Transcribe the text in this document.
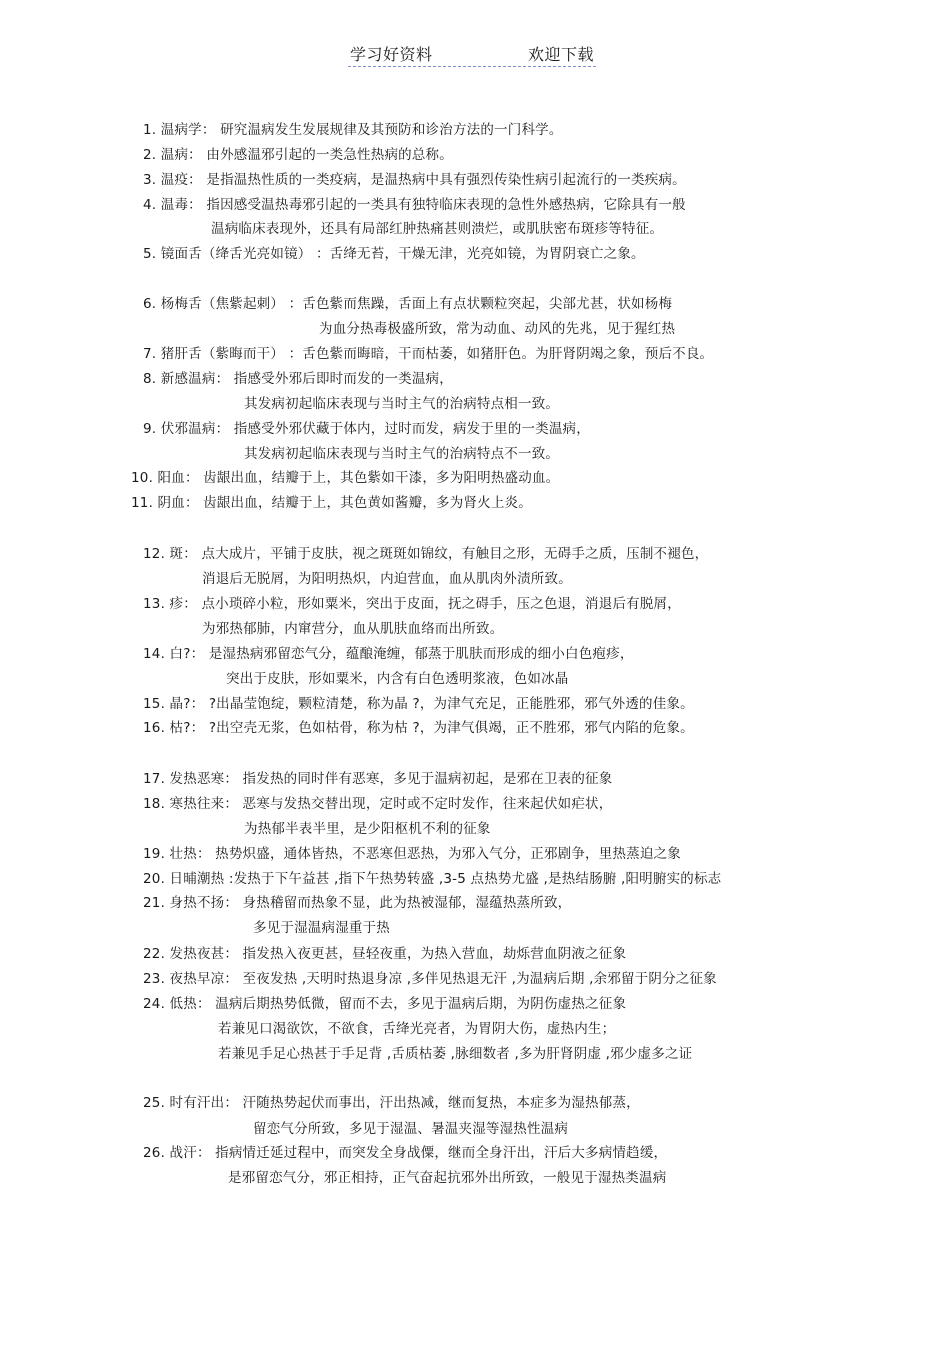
学习好资料	欢迎下载
1. 温病学： 研究温病发生发展规律及其预防和诊治方法的一门科学。
2. 温病： 由外感温邪引起的一类急性热病的总称。
3. 温疫： 是指温热性质的一类疫病，是温热病中具有强烈传染性病引起流行的一类疾病。
4. 温毒： 指因感受温热毒邪引起的一类具有独特临床表现的急性外感热病，它除具有一般
温病临床表现外，还具有局部红肿热痛甚则溃烂，或肌肤密布斑疹等特征。
5. 镜面舌（绛舌光亮如镜） ：舌绛无苔，干燥无津，光亮如镜，为胃阴衰亡之象。
6. 杨梅舌（焦紫起刺） ：舌色紫而焦躁，舌面上有点状颗粒突起，尖部尤甚，状如杨梅
为血分热毒极盛所致，常为动血、动风的先兆，见于猩红热
7. 猪肝舌（紫晦而干） ：舌色紫而晦暗，干而枯萎，如猪肝色。为肝肾阴竭之象，预后不良。
8. 新感温病： 指感受外邪后即时而发的一类温病，
其发病初起临床表现与当时主气的治病特点相一致。
9. 伏邪温病： 指感受外邪伏藏于体内，过时而发，病发于里的一类温病，
其发病初起临床表现与当时主气的治病特点不一致。
10. 阳血： 齿龈出血，结瓣于上，其色紫如干漆，多为阳明热盛动血。
11. 阴血： 齿龈出血，结瓣于上，其色黄如酱瓣，多为肾火上炎。
12. 斑： 点大成片，平铺于皮肤，视之斑斑如锦纹，有触目之形，无碍手之质，压制不褪色，
消退后无脱屑，为阳明热炽，内迫营血，血从肌肉外渍所致。
13. 疹： 点小琐碎小粒，形如粟米，突出于皮面，抚之碍手，压之色退，消退后有脱屑，
为邪热郁肺，内窜营分，血从肌肤血络而出所致。
14. 白?： 是湿热病邪留恋气分，蕴酿淹缠，郁蒸于肌肤而形成的细小白色疱疹，
突出于皮肤，形如粟米，内含有白色透明浆液，色如冰晶
15. 晶?： ?出晶莹饱绽，颗粒清楚，称为晶 ?，为津气充足，正能胜邪，邪气外透的佳象。
16. 枯?： ?出空壳无浆，色如枯骨，称为枯 ?，为津气俱竭，正不胜邪，邪气内陷的危象。
17. 发热恶寒： 指发热的同时伴有恶寒，多见于温病初起，是邪在卫表的征象
18. 寒热往来： 恶寒与发热交替出现，定时或不定时发作，往来起伏如疟状，
为热郁半表半里，是少阳枢机不利的征象
19. 壮热： 热势炽盛，通体皆热，不恶寒但恶热，为邪入气分，正邪剧争，里热蒸迫之象
20. 日晡潮热 :发热于下午益甚 ,指下午热势转盛 ,3-5 点热势尤盛 ,是热结肠腑 ,阳明腑实的标志
21. 身热不扬： 身热稽留而热象不显，此为热被湿郁，湿蕴热蒸所致，
多见于湿温病湿重于热
22. 发热夜甚： 指发热入夜更甚，昼轻夜重，为热入营血，劫烁营血阴液之征象
23. 夜热早凉： 至夜发热 ,天明时热退身凉 ,多伴见热退无汗 ,为温病后期 ,余邪留于阴分之征象
24. 低热： 温病后期热势低微，留而不去，多见于温病后期，为阴伤虚热之征象
若兼见口渴欲饮，不欲食，舌绛光亮者，为胃阴大伤，虚热内生；
若兼见手足心热甚于手足背 ,舌质枯萎 ,脉细数者 ,多为肝肾阴虚 ,邪少虚多之证
25. 时有汗出： 汗随热势起伏而事出，汗出热减，继而复热，本症多为湿热郁蒸，
留恋气分所致，多见于湿温、暑温夹湿等湿热性温病
26. 战汗： 指病情迁延过程中，而突发全身战僳，继而全身汗出，汗后大多病情趋缓，
是邪留恋气分，邪正相持，正气奋起抗邪外出所致，一般见于湿热类温病
